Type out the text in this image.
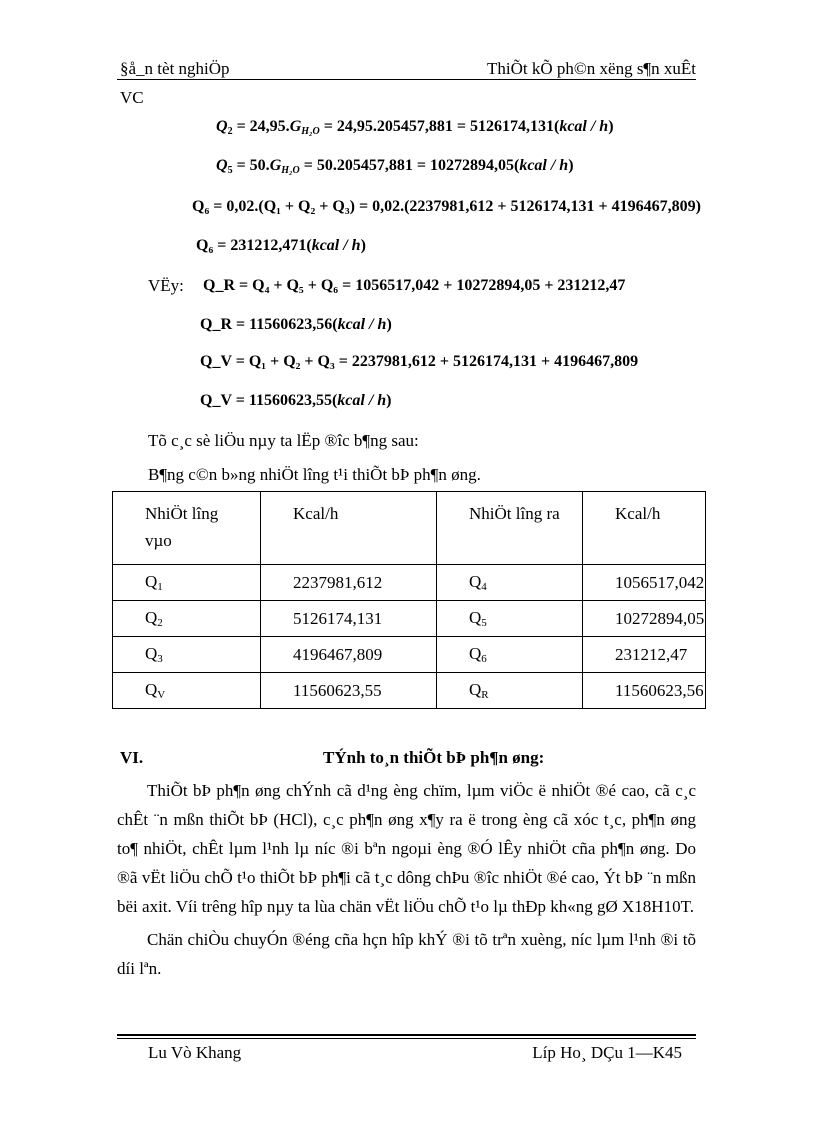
§å_n tèt nghiÖp	ThiÕt kÕ ph©n xëng s¶n xuÊt
VC
$Q_2 = 24,95.G_{H_2O} = 24,95.205457,881$ = 5126174,131(kcal / h)
$Q_5 = 50.G_{H_2O} = 50.205457,881$ = 10272894,05(kcal / h)
Q₆ = 0,02.(Q₁ + Q₂ + Q₃) = 0,02.(2237981,612 + 5126174,131 + 4196467,809)
Q₆ = 231212,471(kcal / h)
VËy: Q_R = Q₄ + Q₅ + Q₆ = 1056517,042 + 10272894,05 + 231212,47
Q_R = 11560623,56(kcal / h)
Q_V = Q₁ + Q₂ + Q₃ = 2237981,612 + 5126174,131 + 4196467,809
Q_V = 11560623,55(kcal / h)
Tõ c¸c sè liÖu nµy ta lËp ®îc b¶ng sau:
B¶ng c©n b»ng nhiÖt lîng t¹i thiÕt bÞ ph¶n øng.
NhiÖt lîng vµo	Kcal/h	NhiÖt lîng ra	Kcal/h
$Q_1$	2237981,612	$Q_4$	1056517,042
$Q_2$	5126174,131	$Q_5$	10272894,05
$Q_3$	4196467,809	$Q_6$	231212,47
$Q_V$	11560623,55	$Q_R$	11560623,56
VI.	TÝnh to¸n thiÕt bÞ ph¶n øng:

ThiÕt bÞ ph¶n øng chÝnh cã d¹ng èng chïm, lµm viÖc ë nhiÖt ®é cao, cã c¸c chÊt ¨n mßn thiÕt bÞ (HCl), c¸c ph¶n øng x¶y ra ë trong èng cã xóc t¸c, ph¶n øng to¶ nhiÖt, chÊt lµm l¹nh lµ níc ®i bªn ngoµi èng ®Ó lÊy nhiÖt cña ph¶n øng. Do ®ã vËt liÖu chÕ t¹o thiÕt bÞ ph¶i cã t¸c dông chÞu ®îc nhiÖt ®é cao, Ýt bÞ ¨n mßn bëi axit. Víi trêng hîp nµy ta lùa chän vËt liÖu chÕ t¹o lµ thÐp kh«ng gØ X18H10T.

Chän chiÒu chuyÓn ®éng cña hçn hîp khÝ ®i tõ trªn xuèng, níc lµm l¹nh ®i tõ díi lªn.

Lu Vò Khang	Líp Ho¸ DÇu 1—K45
